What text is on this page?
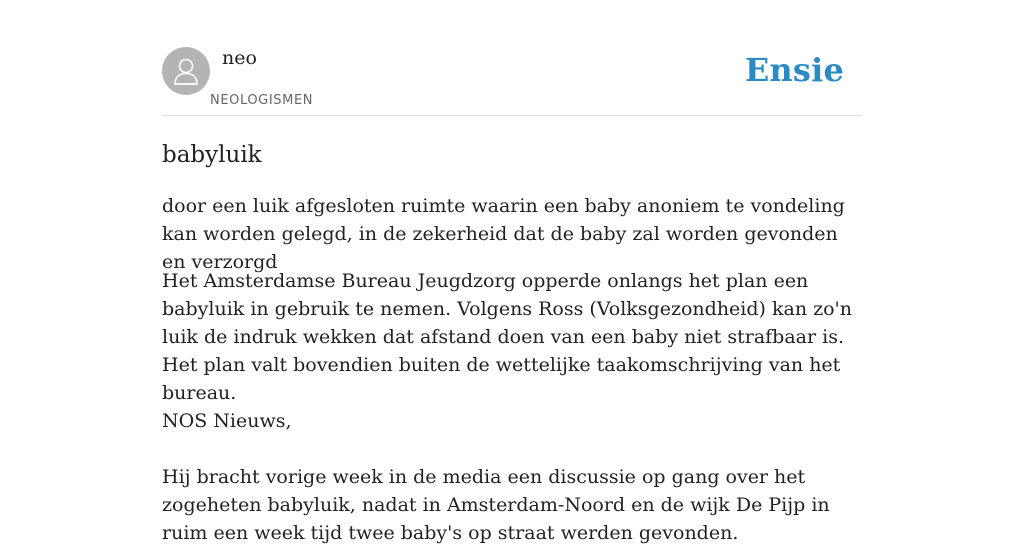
neo
NEOLOGISMEN
Ensie
babyluik
door een luik afgesloten ruimte waarin een baby anoniem te vondeling kan worden gelegd, in de zekerheid dat de baby zal worden gevonden en verzorgd

Het Amsterdamse Bureau Jeugdzorg opperde onlangs het plan een babyluik in gebruik te nemen. Volgens Ross (Volksgezondheid) kan zo'n luik de indruk wekken dat afstand doen van een baby niet strafbaar is. Het plan valt bovendien buiten de wettelijke taakomschrijving van het bureau.

NOS Nieuws,

Hij bracht vorige week in de media een discussie op gang over het zogeheten babyluik, nadat in Amsterdam-Noord en de wijk De Pijp in ruim een week tijd twee baby's op straat werden gevonden.
